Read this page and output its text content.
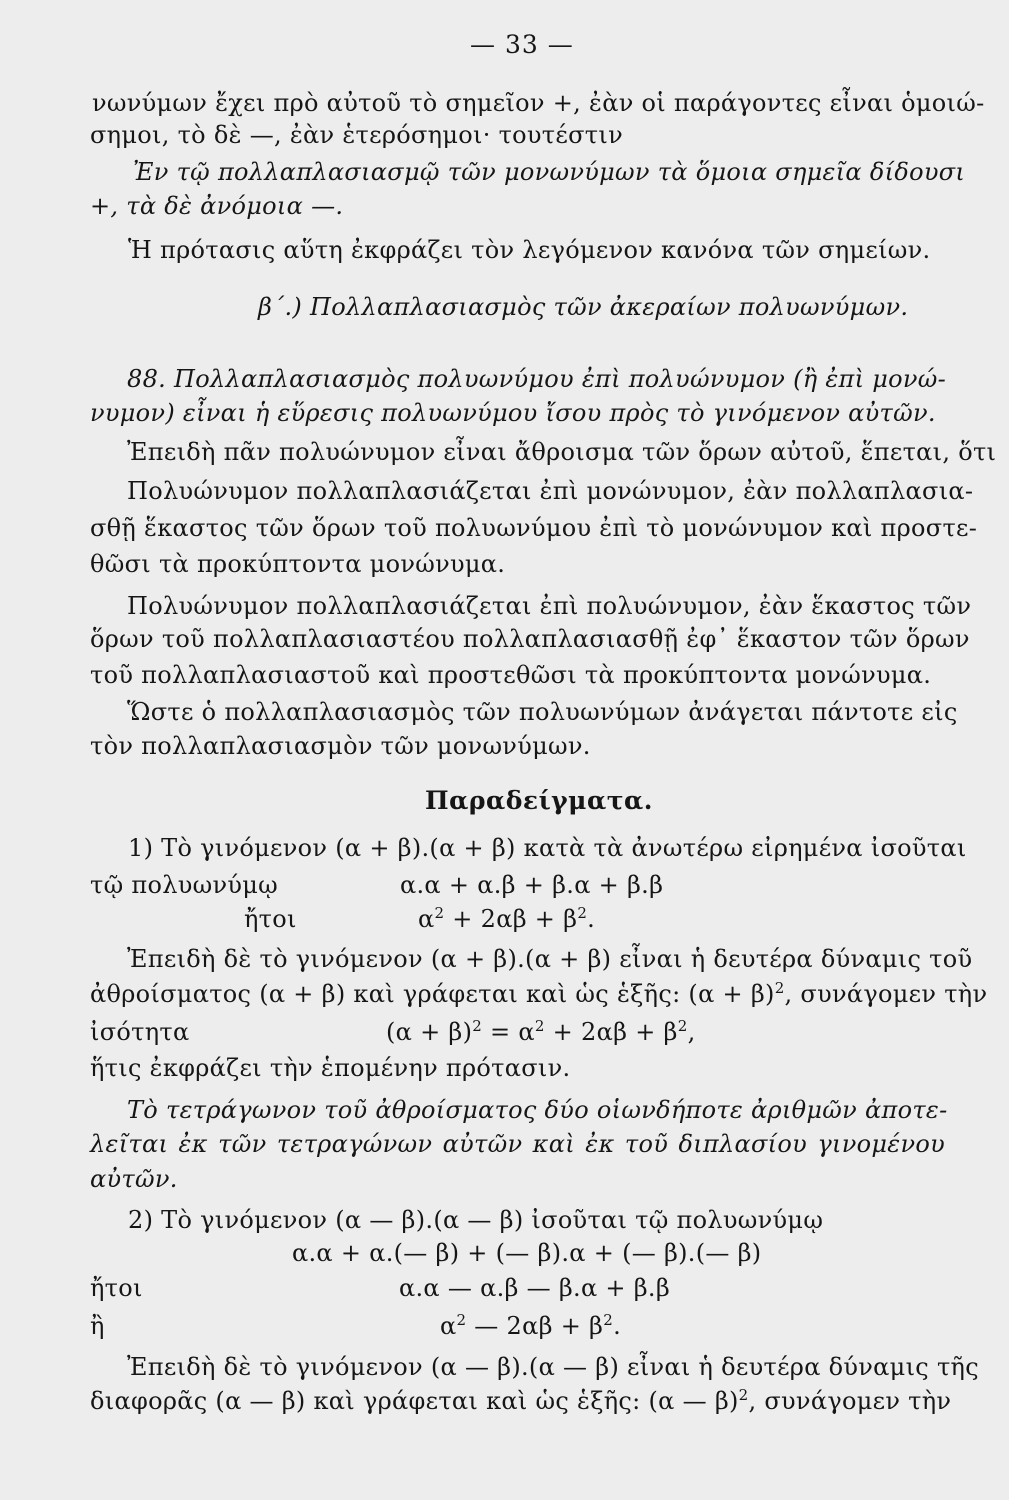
— 33 —
νωνύμων ἔχει πρὸ αὐτοῦ τὸ σημεῖον +, ἐὰν οἱ παράγοντες εἶναι ὁμοιώ-
σημοι, τὸ δὲ —, ἐὰν ἑτερόσημοι· τουτέστιν
Ἐν τῷ πολλαπλασιασμῷ τῶν μονωνύμων τὰ ὅμοια σημεῖα δίδουσι
+, τὰ δὲ ἀνόμοια —.
Ἡ πρότασις αὕτη ἐκφράζει τὸν λεγόμενον κανόνα τῶν σημείων.
β΄.) Πολλαπλασιασμὸς τῶν ἀκεραίων πολυωνύμων.
88. Πολλαπλασιασμὸς πολυωνύμου ἐπὶ πολυώνυμον (ἢ ἐπὶ μονώ-
νυμον) εἶναι ἡ εὕρεσις πολυωνύμου ἴσου πρὸς τὸ γινόμενον αὐτῶν.
Ἐπειδὴ πᾶν πολυώνυμον εἶναι ἄθροισμα τῶν ὅρων αὐτοῦ, ἕπεται, ὅτι
Πολυώνυμον πολλαπλασιάζεται ἐπὶ μονώνυμον, ἐὰν πολλαπλασια-
σθῇ ἕκαστος τῶν ὅρων τοῦ πολυωνύμου ἐπὶ τὸ μονώνυμον καὶ προστε-
θῶσι τὰ προκύπτοντα μονώνυμα.
Πολυώνυμον πολλαπλασιάζεται ἐπὶ πολυώνυμον, ἐὰν ἕκαστος τῶν
ὅρων τοῦ πολλαπλασιαστέου πολλαπλασιασθῇ ἐφ᾽ ἕκαστον τῶν ὅρων
τοῦ πολλαπλασιαστοῦ καὶ προστεθῶσι τὰ προκύπτοντα μονώνυμα.
Ὥστε ὁ πολλαπλασιασμὸς τῶν πολυωνύμων ἀνάγεται πάντοτε εἰς
τὸν πολλαπλασιασμὸν τῶν μονωνύμων.
Παραδείγματα.
1) Τὸ γινόμενον (α + β).(α + β) κατὰ τὰ ἀνωτέρω εἰρημένα ἰσοῦται
τῷ πολυωνύμῳ	α.α + α.β + β.α + β.β
ἤτοι	$\alpha^2 + 2\alpha\beta + \beta^2$.
Ἐπειδὴ δὲ τὸ γινόμενον (α + β).(α + β) εἶναι ἡ δευτέρα δύναμις τοῦ
ἀθροίσματος (α + β) καὶ γράφεται καὶ ὡς ἑξῆς: $(\alpha + \beta)^2$, συνάγομεν τὴν
ἰσότητα	$(\alpha + \beta)^2 = \alpha^2 + 2\alpha\beta + \beta^2$,
ἥτις ἐκφράζει τὴν ἑπομένην πρότασιν.
Τὸ τετράγωνον τοῦ ἀθροίσματος δύο οἱωνδήποτε ἀριθμῶν ἀποτε-
λεῖται ἐκ τῶν τετραγώνων αὐτῶν καὶ ἐκ τοῦ διπλασίου γινομένου
αὐτῶν.
2) Τὸ γινόμενον (α — β).(α — β) ἰσοῦται τῷ πολυωνύμῳ
α.α + α.(— β) + (— β).α + (— β).(— β)
ἤτοι	α.α — α.β — β.α + β.β
ἢ	$\alpha^2$ — $2\alpha\beta + \beta^2$.
Ἐπειδὴ δὲ τὸ γινόμενον (α — β).(α — β) εἶναι ἡ δευτέρα δύναμις τῆς
διαφορᾶς (α — β) καὶ γράφεται καὶ ὡς ἑξῆς: (α — β)$^2$, συνάγομεν τὴν
